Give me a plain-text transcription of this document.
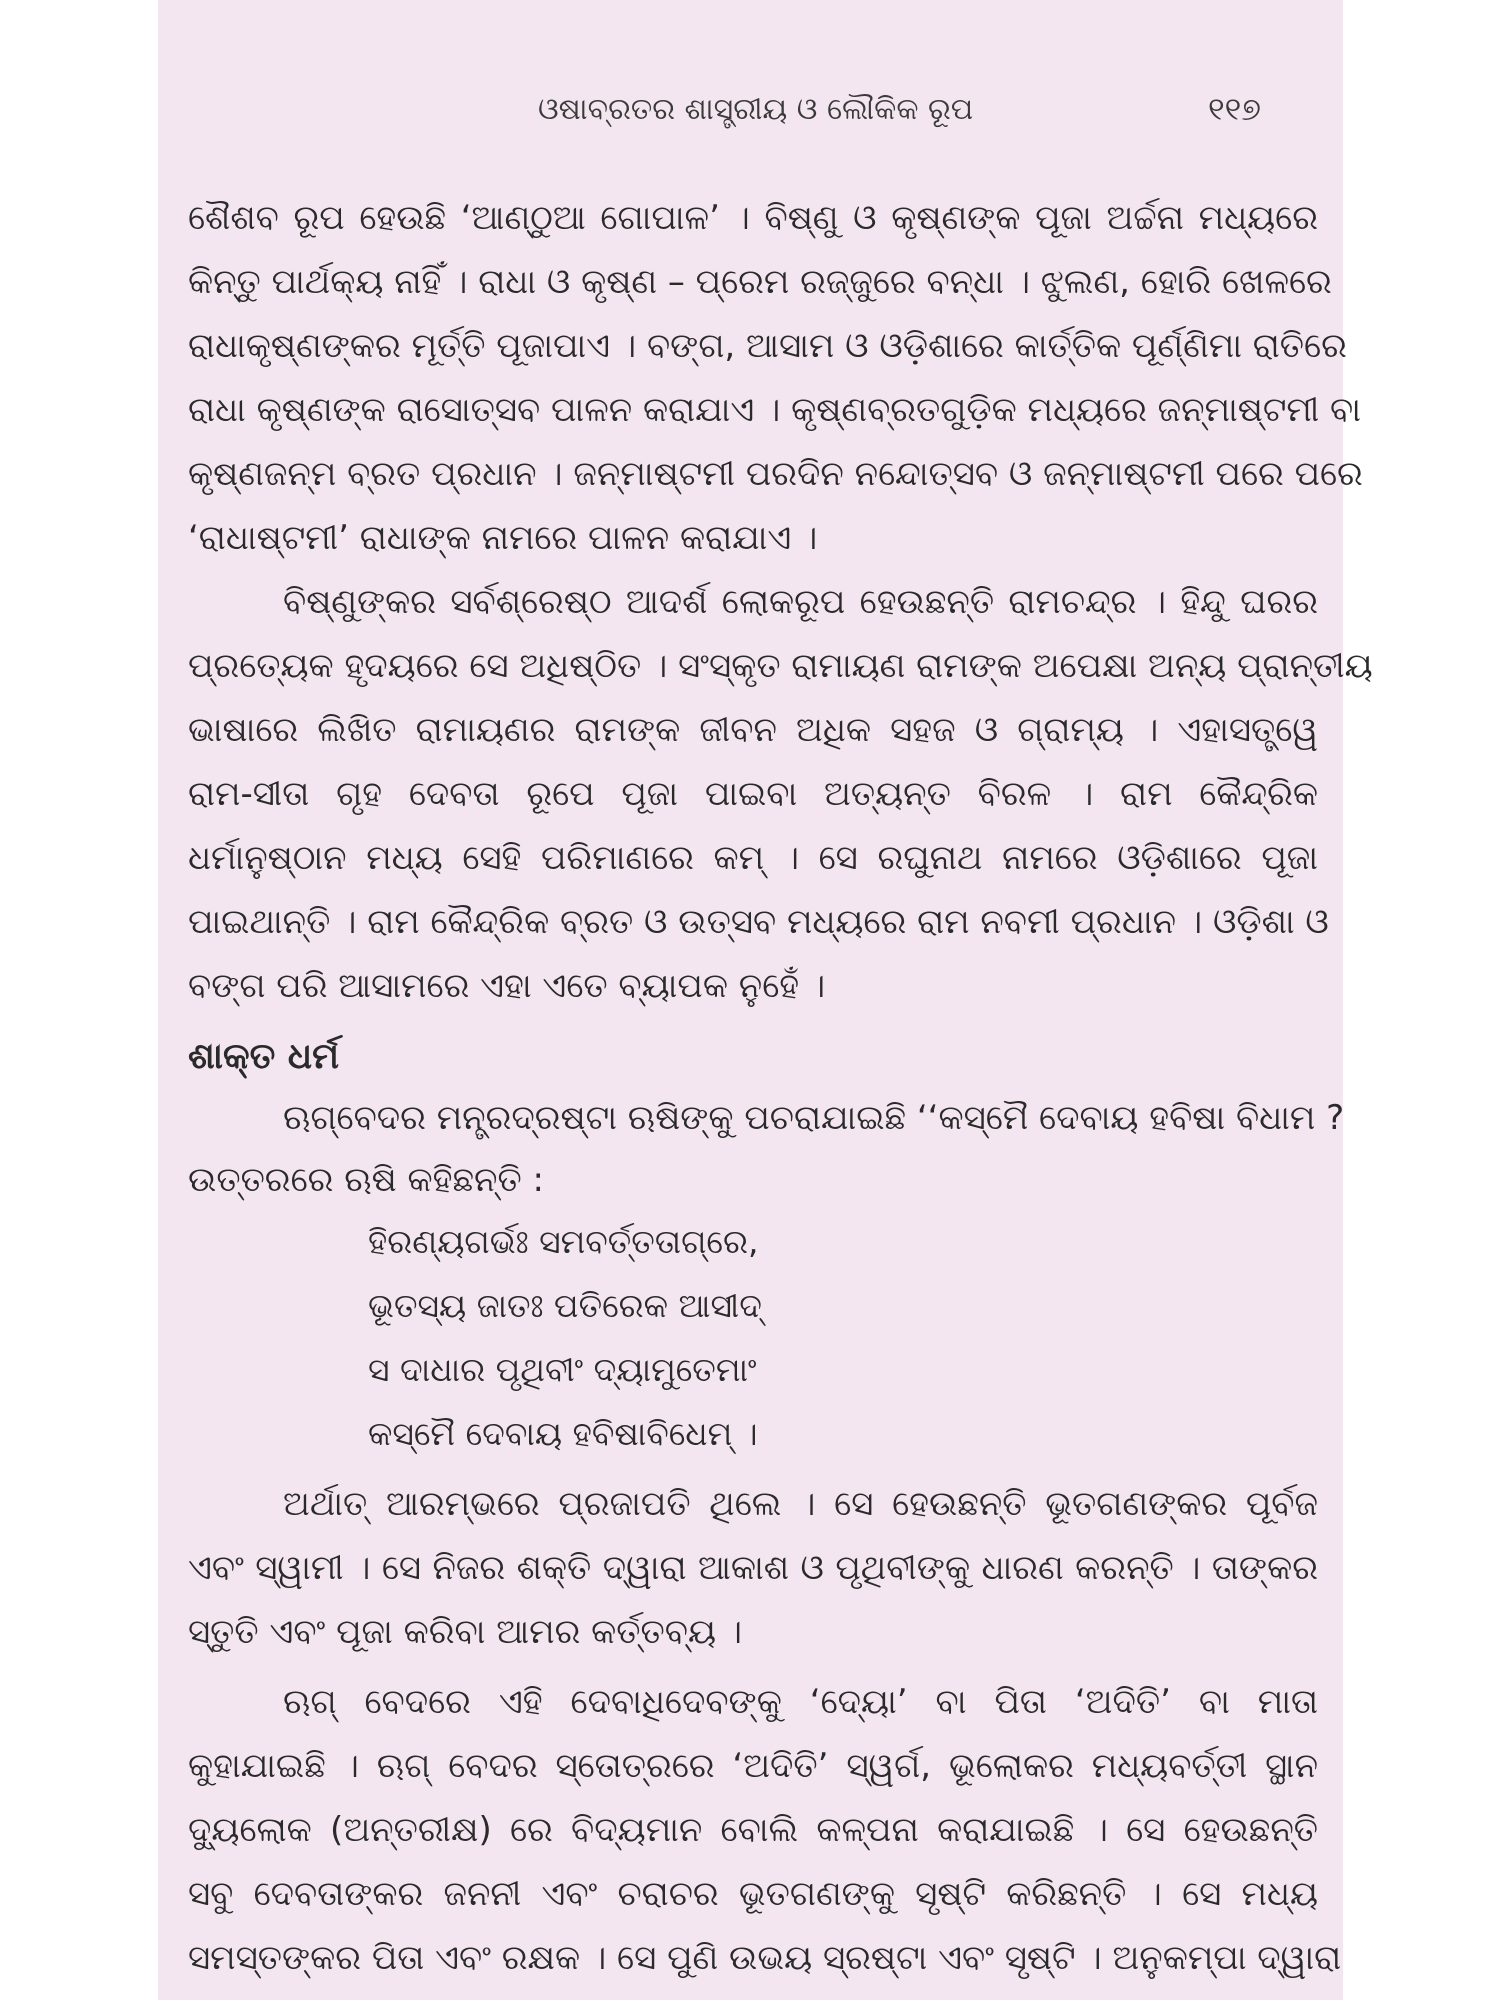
ଓଷାବ୍ରତର ଶାସ୍ତ୍ରୀୟ ଓ ଲୌକିକ ରୂପ	୧୧୭
ଶୈଶବ ରୂପ ହେଉଛି ‘ଆଣ୍ଠୁଆ ଗୋପାଳ’ । ବିଷ୍ଣୁ ଓ କୃଷ୍ଣଙ୍କ ପୂଜା ଅର୍ଚ୍ଚନା ମଧ୍ୟରେ
କିନ୍ତୁ ପାର୍ଥକ୍ୟ ନାହିଁ । ରାଧା ଓ କୃଷ୍ଣ – ପ୍ରେମ ରଜ୍ଜୁରେ ବନ୍ଧା । ଝୁଲଣ, ହୋରି ଖେଳରେ
ରାଧାକୃଷ୍ଣଙ୍କର ମୂର୍ତ୍ତି ପୂଜାପାଏ । ବଙ୍ଗ, ଆସାମ ଓ ଓଡ଼ିଶାରେ କାର୍ତ୍ତିକ ପୂର୍ଣ୍ଣିମା ରାତିରେ
ରାଧା କୃଷ୍ଣଙ୍କ ରାସୋତ୍ସବ ପାଳନ କରାଯାଏ । କୃଷ୍ଣବ୍ରତଗୁଡ଼ିକ ମଧ୍ୟରେ ଜନ୍ମାଷ୍ଟମୀ ବା
କୃଷ୍ଣଜନ୍ମ ବ୍ରତ ପ୍ରଧାନ । ଜନ୍ମାଷ୍ଟମୀ ପରଦିନ ନନ୍ଦୋତ୍ସବ ଓ ଜନ୍ମାଷ୍ଟମୀ ପରେ ପରେ
‘ରାଧାଷ୍ଟମୀ’ ରାଧାଙ୍କ ନାମରେ ପାଳନ କରାଯାଏ ।
ବିଷ୍ଣୁଙ୍କର ସର୍ବଶ୍ରେଷ୍ଠ ଆଦର୍ଶ ଲୋକରୂପ ହେଉଛନ୍ତି ରାମଚନ୍ଦ୍ର । ହିନ୍ଦୁ ଘରର
ପ୍ରତ୍ୟେକ ହୃଦୟରେ ସେ ଅଧିଷ୍ଠିତ । ସଂସ୍କୃତ ରାମାୟଣ ରାମଙ୍କ ଅପେକ୍ଷା ଅନ୍ୟ ପ୍ରାନ୍ତୀୟ
ଭାଷାରେ ଲିଖିତ ରାମାୟଣର ରାମଙ୍କ ଜୀବନ ଅଧିକ ସହଜ ଓ ଗ୍ରାମ୍ୟ । ଏହାସତ୍ତ୍ୱେ
ରାମ-ସୀତା ଗୃହ ଦେବତା ରୂପେ ପୂଜା ପାଇବା ଅତ୍ୟନ୍ତ ବିରଳ । ରାମ କୈନ୍ଦ୍ରିକ
ଧର୍ମାନୁଷ୍ଠାନ ମଧ୍ୟ ସେହି ପରିମାଣରେ କମ୍ । ସେ ରଘୁନାଥ ନାମରେ ଓଡ଼ିଶାରେ ପୂଜା
ପାଇଥାନ୍ତି । ରାମ କୈନ୍ଦ୍ରିକ ବ୍ରତ ଓ ଉତ୍ସବ ମଧ୍ୟରେ ରାମ ନବମୀ ପ୍ରଧାନ । ଓଡ଼ିଶା ଓ
ବଙ୍ଗ ପରି ଆସାମରେ ଏହା ଏତେ ବ୍ୟାପକ ନୁହେଁ ।
ଶାକ୍ତ ଧର୍ମ
ଋଗ୍‌ବେଦର ମନ୍ତ୍ରଦ୍ରଷ୍ଟା ଋଷିଙ୍କୁ ପଚରାଯାଇଛି ‘‘କସ୍ମୈ ଦେବାୟ ହବିଷା ବିଧାମ ?
ଉତ୍ତରରେ ଋଷି କହିଛନ୍ତି :
ହିରଣ୍ୟଗର୍ଭଃ ସମବର୍ତ୍ତତାଗ୍ରେ,
ଭୂତସ୍ୟ ଜାତଃ ପତିରେକ ଆସୀଦ୍
ସ ଦାଧାର ପୃଥିବୀଂ ଦ୍ୟାମୁତେମାଂ
କସ୍ମୈ ଦେବାୟ ହବିଷାବିଧେମ୍ ।
ଅର୍ଥାତ୍ ଆରମ୍ଭରେ ପ୍ରଜାପତି ଥିଲେ । ସେ ହେଉଛନ୍ତି ଭୂତଗଣଙ୍କର ପୂର୍ବଜ
ଏବଂ ସ୍ୱାମୀ । ସେ ନିଜର ଶକ୍ତି ଦ୍ୱାରା ଆକାଶ ଓ ପୃଥିବୀଙ୍କୁ ଧାରଣ କରନ୍ତି । ତାଙ୍କର
ସ୍ତୁତି ଏବଂ ପୂଜା କରିବା ଆମର କର୍ତ୍ତବ୍ୟ ।
ଋଗ୍ ବେଦରେ ଏହି ଦେବାଧିଦେବଙ୍କୁ ‘ଦ୍ୟୋ’ ବା ପିତା ‘ଅଦିତି’ ବା ମାତା
କୁହାଯାଇଛି । ଋଗ୍ ବେଦର ସ୍ତୋତ୍ରରେ ‘ଅଦିତି’ ସ୍ୱର୍ଗ, ଭୂଲୋକର ମଧ୍ୟବର୍ତ୍ତୀ ସ୍ଥାନ
ଦ୍ୟୁଲୋକ (ଅନ୍ତରୀକ୍ଷ) ରେ ବିଦ୍ୟମାନ ବୋଲି କଳ୍ପନା କରାଯାଇଛି । ସେ ହେଉଛନ୍ତି
ସବୁ ଦେବତାଙ୍କର ଜନନୀ ଏବଂ ଚରାଚର ଭୂତଗଣଙ୍କୁ ସୃଷ୍ଟି କରିଛନ୍ତି । ସେ ମଧ୍ୟ
ସମସ୍ତଙ୍କର ପିତା ଏବଂ ରକ୍ଷକ । ସେ ପୁଣି ଉଭୟ ସ୍ରଷ୍ଟା ଏବଂ ସୃଷ୍ଟି । ଅନୁକମ୍ପା ଦ୍ୱାରା
